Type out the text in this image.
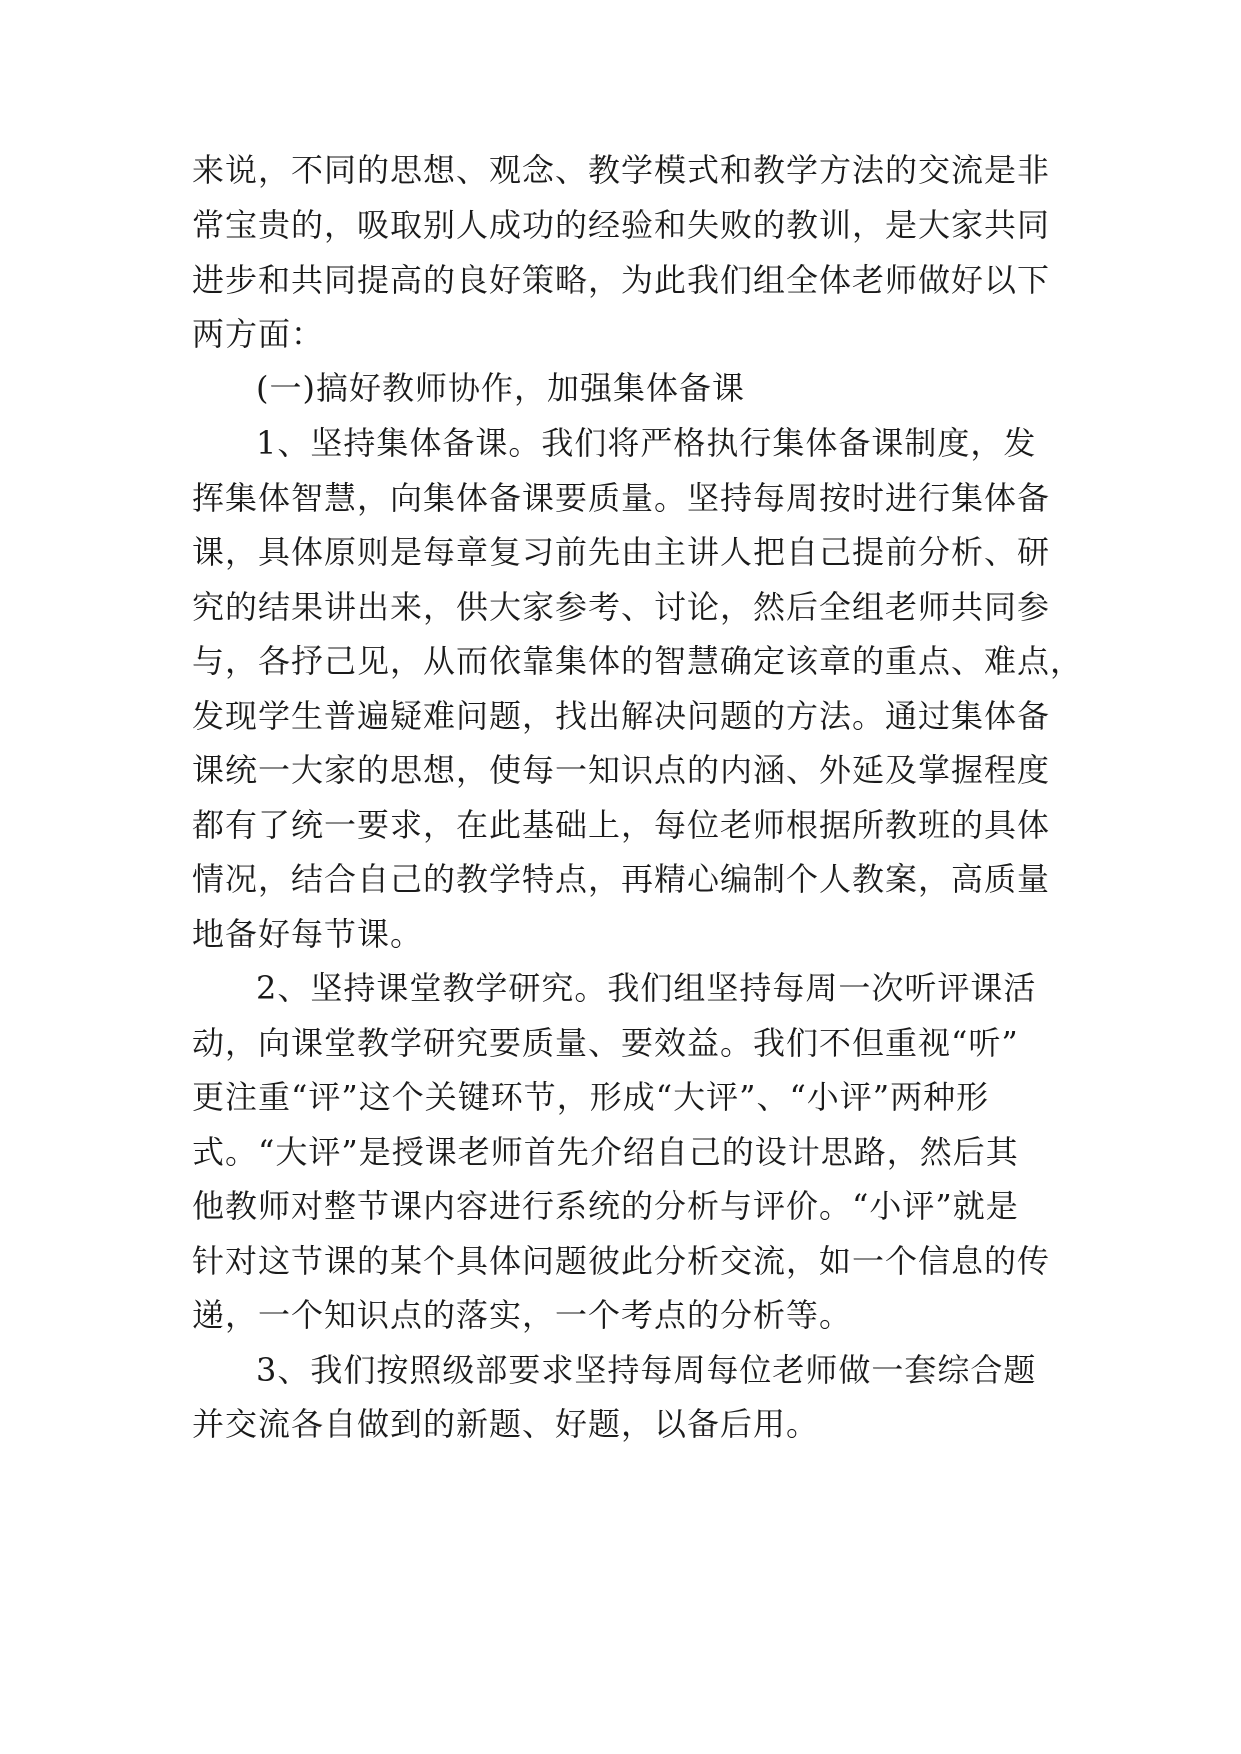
来说，不同的思想、观念、教学模式和教学方法的交流是非
常宝贵的，吸取别人成功的经验和失败的教训，是大家共同
进步和共同提高的良好策略，为此我们组全体老师做好以下
两方面：
(一)搞好教师协作，加强集体备课
1、坚持集体备课。我们将严格执行集体备课制度，发
挥集体智慧，向集体备课要质量。坚持每周按时进行集体备
课，具体原则是每章复习前先由主讲人把自己提前分析、研
究的结果讲出来，供大家参考、讨论，然后全组老师共同参
与，各抒己见，从而依靠集体的智慧确定该章的重点、难点，
发现学生普遍疑难问题，找出解决问题的方法。通过集体备
课统一大家的思想，使每一知识点的内涵、外延及掌握程度
都有了统一要求，在此基础上，每位老师根据所教班的具体
情况，结合自己的教学特点，再精心编制个人教案，高质量
地备好每节课。
2、坚持课堂教学研究。我们组坚持每周一次听评课活
动，向课堂教学研究要质量、要效益。我们不但重视“听”
更注重“评”这个关键环节，形成“大评”、“小评”两种形
式。“大评”是授课老师首先介绍自己的设计思路，然后其
他教师对整节课内容进行系统的分析与评价。“小评”就是
针对这节课的某个具体问题彼此分析交流，如一个信息的传
递，一个知识点的落实，一个考点的分析等。
3、我们按照级部要求坚持每周每位老师做一套综合题
并交流各自做到的新题、好题，以备后用。
